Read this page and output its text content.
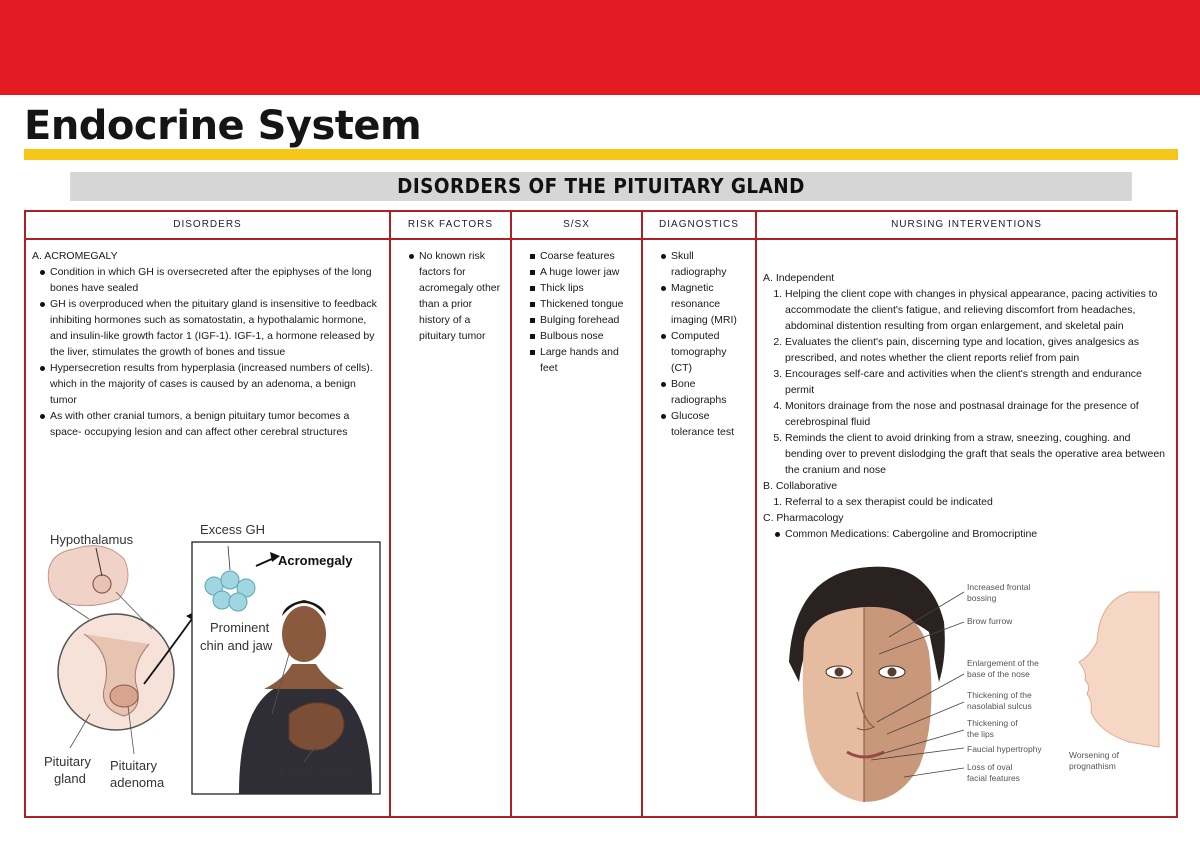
Endocrine System
DISORDERS OF THE PITUITARY GLAND
DISORDERS

A. ACROMEGALY

Condition in which GH is oversecreted after the epiphyses of the long bones have sealed
GH is overproduced when the pituitary gland is insensitive to feedback inhibiting hormones such as somatostatin, a hypothalamic hormone, and insulin-like growth factor 1 (IGF-1). IGF-1, a hormone released by the liver, stimulates the growth of bones and tissue
Hypersecretion results from hyperplasia (increased numbers of cells). which in the majority of cases is caused by an adenoma, a benign tumor
As with other cranial tumors, a benign pituitary tumor becomes a space- occupying lesion and can affect other cerebral structures
Hypothalamus
Excess GH
Acromegaly
Prominent
chin and jaw
Pituitary
gland
Pituitary
adenoma
Large hands
RISK FACTORS
No known risk factors for acromegaly other than a prior history of a pituitary tumor
S/SX
Coarse features
A huge lower jaw
Thick lips
Thickened tongue
Bulging forehead
Bulbous nose
Large hands and feet
DIAGNOSTICS
Skull radiography
Magnetic resonance imaging (MRI)
Computed tomography (CT)
Bone radiographs
Glucose tolerance test
NURSING INTERVENTIONS

A. Independent

1. Helping the client cope with changes in physical appearance, pacing activities to accommodate the client's fatigue, and relieving discomfort from headaches, abdominal distention resulting from organ enlargement, and skeletal pain
2. Evaluates the client's pain, discerning type and location, gives analgesics as prescribed, and notes whether the client reports relief from pain
3. Encourages self-care and activities when the client's strength and endurance permit
4. Monitors drainage from the nose and postnasal drainage for the presence of cerebrospinal fluid
5. Reminds the client to avoid drinking from a straw, sneezing, coughing. and bending over to prevent dislodging the graft that seals the operative area between the cranium and nose

B. Collaborative

1. Referral to a sex therapist could be indicated

C. Pharmacology

Common Medications: Cabergoline and Bromocriptine
Increased frontal
bossing
Brow furrow
Enlargement of the
base of the nose
Thickening of the
nasolabial sulcus
Thickening of
the lips
Faucial hypertrophy
Loss of oval
facial features
Worsening of
prognathism
